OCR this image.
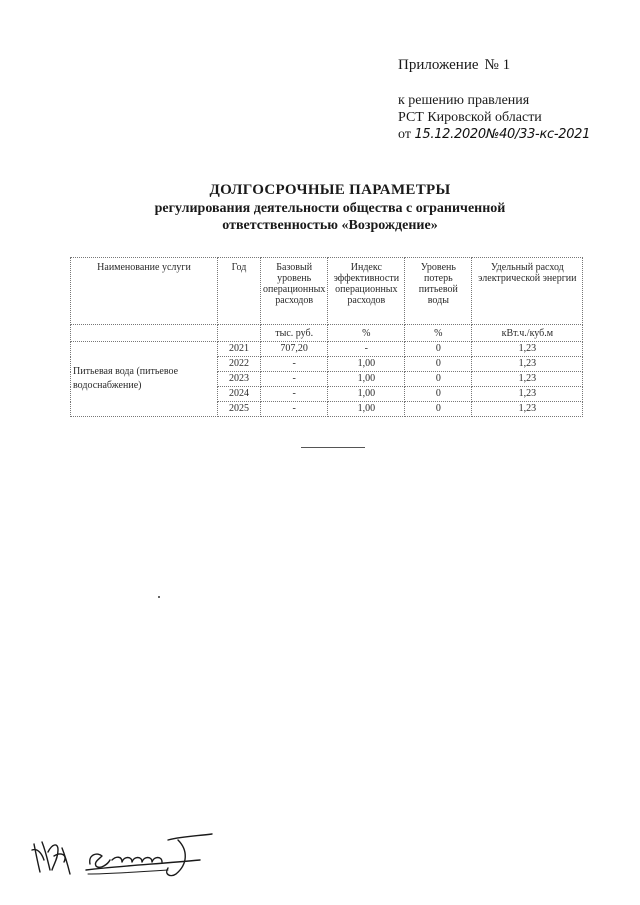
Приложение № 1
к решению правления
РСТ Кировской области
от 15.12.2020№40/33-кс-2021
ДОЛГОСРОЧНЫЕ ПАРАМЕТРЫ
регулирования деятельности общества с ограниченной
ответственностью «Возрождение»
Наименование услуги	Год	Базовый уровень операционных расходов	Индекс эффективности операционных расходов	Уровень потерь питьевой воды	Удельный расход электрической энергии
		тыс. руб.	%	%	кВт.ч./куб.м
Питьевая вода (питьевое водоснабжение)	2021	707,20	-	0	1,23
	2022	-	1,00	0	1,23
	2023	-	1,00	0	1,23
	2024	-	1,00	0	1,23
	2025	-	1,00	0	1,23
